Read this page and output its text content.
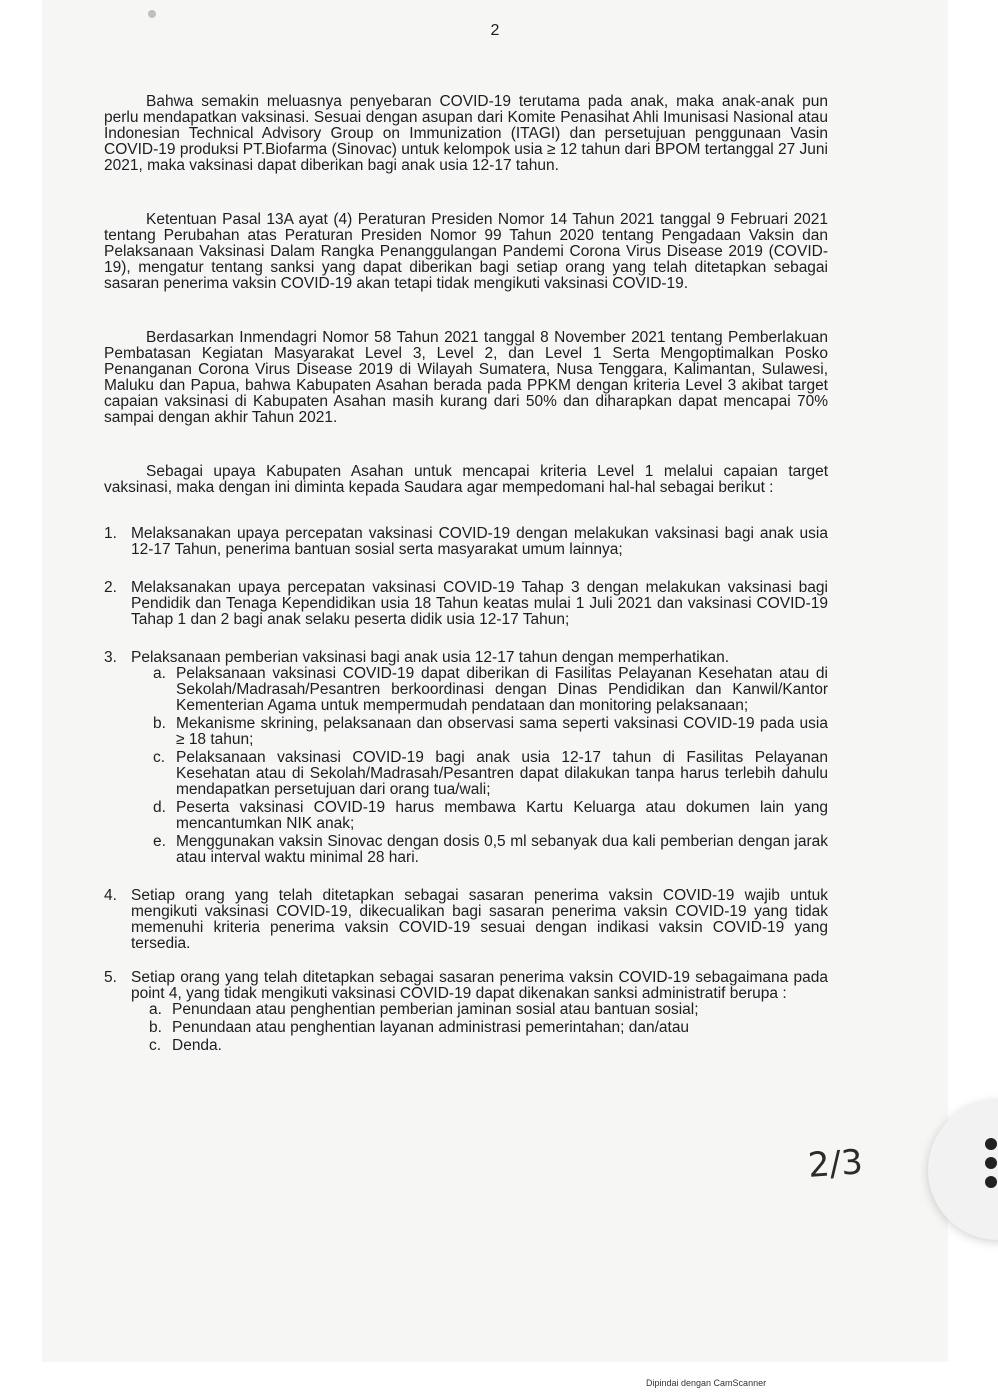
2

Bahwa semakin meluasnya penyebaran COVID-19 terutama pada anak, maka anak-anak pun perlu mendapatkan vaksinasi. Sesuai dengan asupan dari Komite Penasihat Ahli Imunisasi Nasional atau Indonesian Technical Advisory Group on Immunization (ITAGI) dan persetujuan penggunaan Vasin COVID-19 produksi PT.Biofarma (Sinovac) untuk kelompok usia ≥ 12 tahun dari BPOM tertanggal 27 Juni 2021, maka vaksinasi dapat diberikan bagi anak usia 12-17 tahun.

Ketentuan Pasal 13A ayat (4) Peraturan Presiden Nomor 14 Tahun 2021 tanggal 9 Februari 2021 tentang Perubahan atas Peraturan Presiden Nomor 99 Tahun 2020 tentang Pengadaan Vaksin dan Pelaksanaan Vaksinasi Dalam Rangka Penanggulangan Pandemi Corona Virus Disease 2019 (COVID-19), mengatur tentang sanksi yang dapat diberikan bagi setiap orang yang telah ditetapkan sebagai sasaran penerima vaksin COVID-19 akan tetapi tidak mengikuti vaksinasi COVID-19.

Berdasarkan Inmendagri Nomor 58 Tahun 2021 tanggal 8 November 2021 tentang Pemberlakuan Pembatasan Kegiatan Masyarakat Level 3, Level 2, dan Level 1 Serta Mengoptimalkan Posko Penanganan Corona Virus Disease 2019 di Wilayah Sumatera, Nusa Tenggara, Kalimantan, Sulawesi, Maluku dan Papua, bahwa Kabupaten Asahan berada pada PPKM dengan kriteria Level 3 akibat target capaian vaksinasi di Kabupaten Asahan masih kurang dari 50% dan diharapkan dapat mencapai 70% sampai dengan akhir Tahun 2021.

Sebagai upaya Kabupaten Asahan untuk mencapai kriteria Level 1 melalui capaian target vaksinasi, maka dengan ini diminta kepada Saudara agar mempedomani hal-hal sebagai berikut :

1. Melaksanakan upaya percepatan vaksinasi COVID-19 dengan melakukan vaksinasi bagi anak usia 12-17 Tahun, penerima bantuan sosial serta masyarakat umum lainnya;
2. Melaksanakan upaya percepatan vaksinasi COVID-19 Tahap 3 dengan melakukan vaksinasi bagi Pendidik dan Tenaga Kependidikan usia 18 Tahun keatas mulai 1 Juli 2021 dan vaksinasi COVID-19 Tahap 1 dan 2 bagi anak selaku peserta didik usia 12-17 Tahun;
3. Pelaksanaan pemberian vaksinasi bagi anak usia 12-17 tahun dengan memperhatikan.
a. Pelaksanaan vaksinasi COVID-19 dapat diberikan di Fasilitas Pelayanan Kesehatan atau di Sekolah/Madrasah/Pesantren berkoordinasi dengan Dinas Pendidikan dan Kanwil/Kantor Kementerian Agama untuk mempermudah pendataan dan monitoring pelaksanaan;
b. Mekanisme skrining, pelaksanaan dan observasi sama seperti vaksinasi COVID-19 pada usia ≥ 18 tahun;
c. Pelaksanaan vaksinasi COVID-19 bagi anak usia 12-17 tahun di Fasilitas Pelayanan Kesehatan atau di Sekolah/Madrasah/Pesantren dapat dilakukan tanpa harus terlebih dahulu mendapatkan persetujuan dari orang tua/wali;
d. Peserta vaksinasi COVID-19 harus membawa Kartu Keluarga atau dokumen lain yang mencantumkan NIK anak;
e. Menggunakan vaksin Sinovac dengan dosis 0,5 ml sebanyak dua kali pemberian dengan jarak atau interval waktu minimal 28 hari.
4. Setiap orang yang telah ditetapkan sebagai sasaran penerima vaksin COVID-19 wajib untuk mengikuti vaksinasi COVID-19, dikecualikan bagi sasaran penerima vaksin COVID-19 yang tidak memenuhi kriteria penerima vaksin COVID-19 sesuai dengan indikasi vaksin COVID-19 yang tersedia.
5. Setiap orang yang telah ditetapkan sebagai sasaran penerima vaksin COVID-19 sebagaimana pada point 4, yang tidak mengikuti vaksinasi COVID-19 dapat dikenakan sanksi administratif berupa :
a. Penundaan atau penghentian pemberian jaminan sosial atau bantuan sosial;
b. Penundaan atau penghentian layanan administrasi pemerintahan; dan/atau
c. Denda.
2/3
Dipindai dengan CamScanner
